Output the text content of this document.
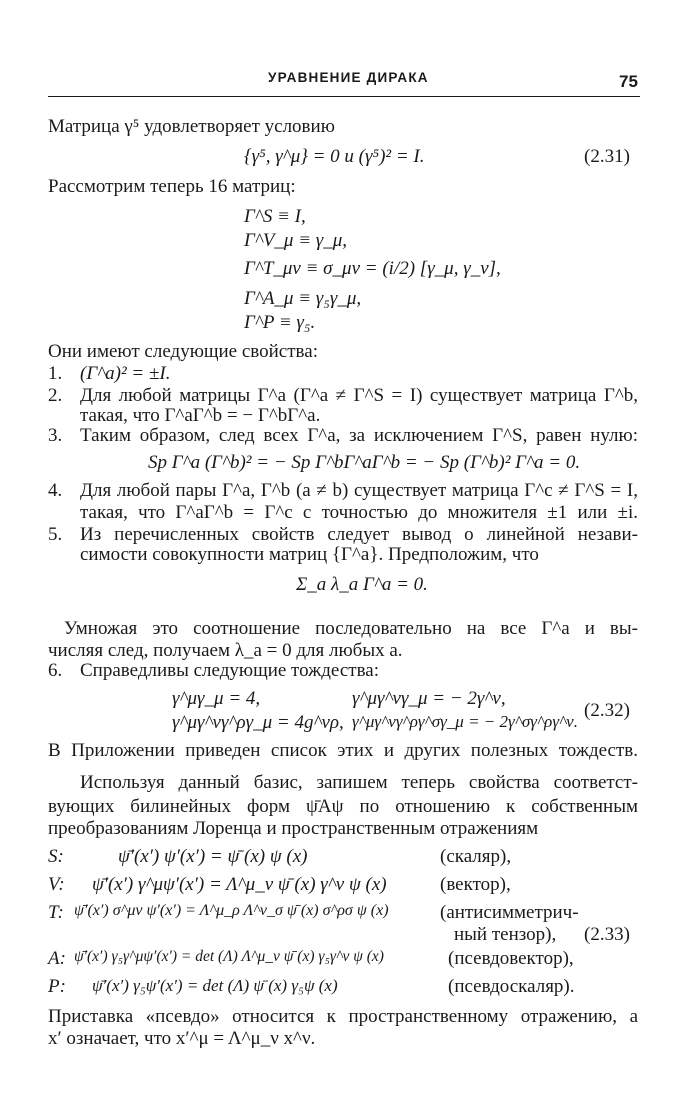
УРАВНЕНИЕ ДИРАКА	75
Матрица γ⁵ удовлетворяет условию
{γ⁵, γ^μ} = 0 и (γ⁵)² = I.	(2.31)
Рассмотрим теперь 16 матриц:
Γ^S ≡ I,
Γ^V_μ ≡ γ_μ,
Γ^T_μν ≡ σ_μν = (i/2) [γ_μ, γ_ν],
Γ^A_μ ≡ γ₅γ_μ,
Γ^P ≡ γ₅.
Они имеют следующие свойства:
1. (Γ^a)² = ±I.
2. Для любой матрицы Γ^a (Γ^a ≠ Γ^S = I) существует матрица Γ^b,
такая, что Γ^aΓ^b = − Γ^bΓ^a.
3. Таким образом, след всех Γ^a, за исключением Γ^S, равен нулю:
Sp Γ^a (Γ^b)² = − Sp Γ^bΓ^aΓ^b = − Sp (Γ^b)² Γ^a = 0.
4. Для любой пары Γ^a, Γ^b (a ≠ b) существует матрица Γ^c ≠ Γ^S = I,
такая, что Γ^aΓ^b = Γ^c с точностью до множителя ±1 или ±i.
5. Из перечисленных свойств следует вывод о линейной незави-
симости совокупности матриц {Γ^a}. Предположим, что
Σ_a λ_a Γ^a = 0.
Умножая это соотношение последовательно на все Γ^a и вы-
числяя след, получаем λ_a = 0 для любых a.
6. Справедливы следующие тождества:
γ^μγ_μ = 4,	γ^μγ^νγ_μ = − 2γ^ν,
γ^μγ^νγ^ργ_μ = 4g^νρ, γ^μγ^νγ^ργ^σγ_μ = − 2γ^σγ^ργ^ν.
(2.32)
В Приложении приведен список этих и других полезных тождеств.
Используя данный базис, запишем теперь свойства соответст-
вующих билинейных форм ψ̄Aψ по отношению к собственным
преобразованиям Лоренца и пространственным отражениям
S:	ψ̄′(x′) ψ′(x′) = ψ̄ (x) ψ (x)	(скаляр),
V: ψ̄′(x′) γ^μψ′(x′) = Λ^μ_ν ψ̄ (x) γ^ν ψ (x)	(вектор),
T: ψ̄′(x′) σ^μν ψ′(x′) = Λ^μ_ρ Λ^ν_σ ψ̄ (x) σ^ρσ ψ (x)	(антисимметрич-
ный тензор), (2.33)
A: ψ̄′(x′) γ₅γ^μψ′(x′) = det (Λ) Λ^μ_ν ψ̄ (x) γ₅γ^ν ψ (x)	(псевдовектор),
P: ψ̄′(x′) γ₅ψ′(x′) = det (Λ) ψ̄ (x) γ₅ψ (x)	(псевдоскаляр).
Приставка «псевдо» относится к пространственному отражению, а
x′ означает, что x′^μ = Λ^μ_ν x^ν.
